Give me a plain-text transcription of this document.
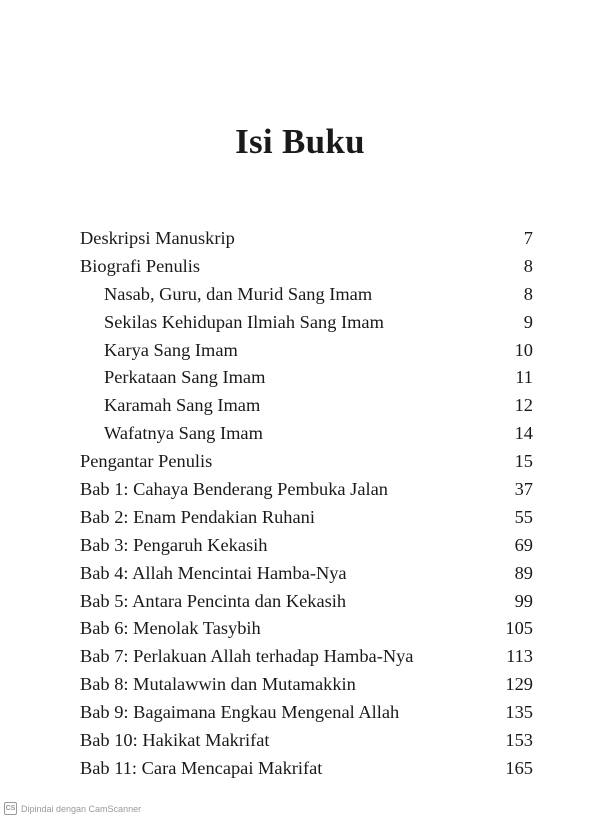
Isi Buku
Deskripsi Manuskrip	7
Biografi Penulis	8
Nasab, Guru, dan Murid Sang Imam	8
Sekilas Kehidupan Ilmiah Sang Imam	9
Karya Sang Imam	10
Perkataan Sang Imam	11
Karamah Sang Imam	12
Wafatnya Sang Imam	14
Pengantar Penulis	15
Bab 1: Cahaya Benderang Pembuka Jalan	37
Bab 2: Enam Pendakian Ruhani	55
Bab 3: Pengaruh Kekasih	69
Bab 4: Allah Mencintai Hamba-Nya	89
Bab 5: Antara Pencinta dan Kekasih	99
Bab 6: Menolak Tasybih	105
Bab 7: Perlakuan Allah terhadap Hamba-Nya	113
Bab 8: Mutalawwin dan Mutamakkin	129
Bab 9: Bagaimana Engkau Mengenal Allah	135
Bab 10: Hakikat Makrifat	153
Bab 11: Cara Mencapai Makrifat	165
CS Dipindai dengan CamScanner
